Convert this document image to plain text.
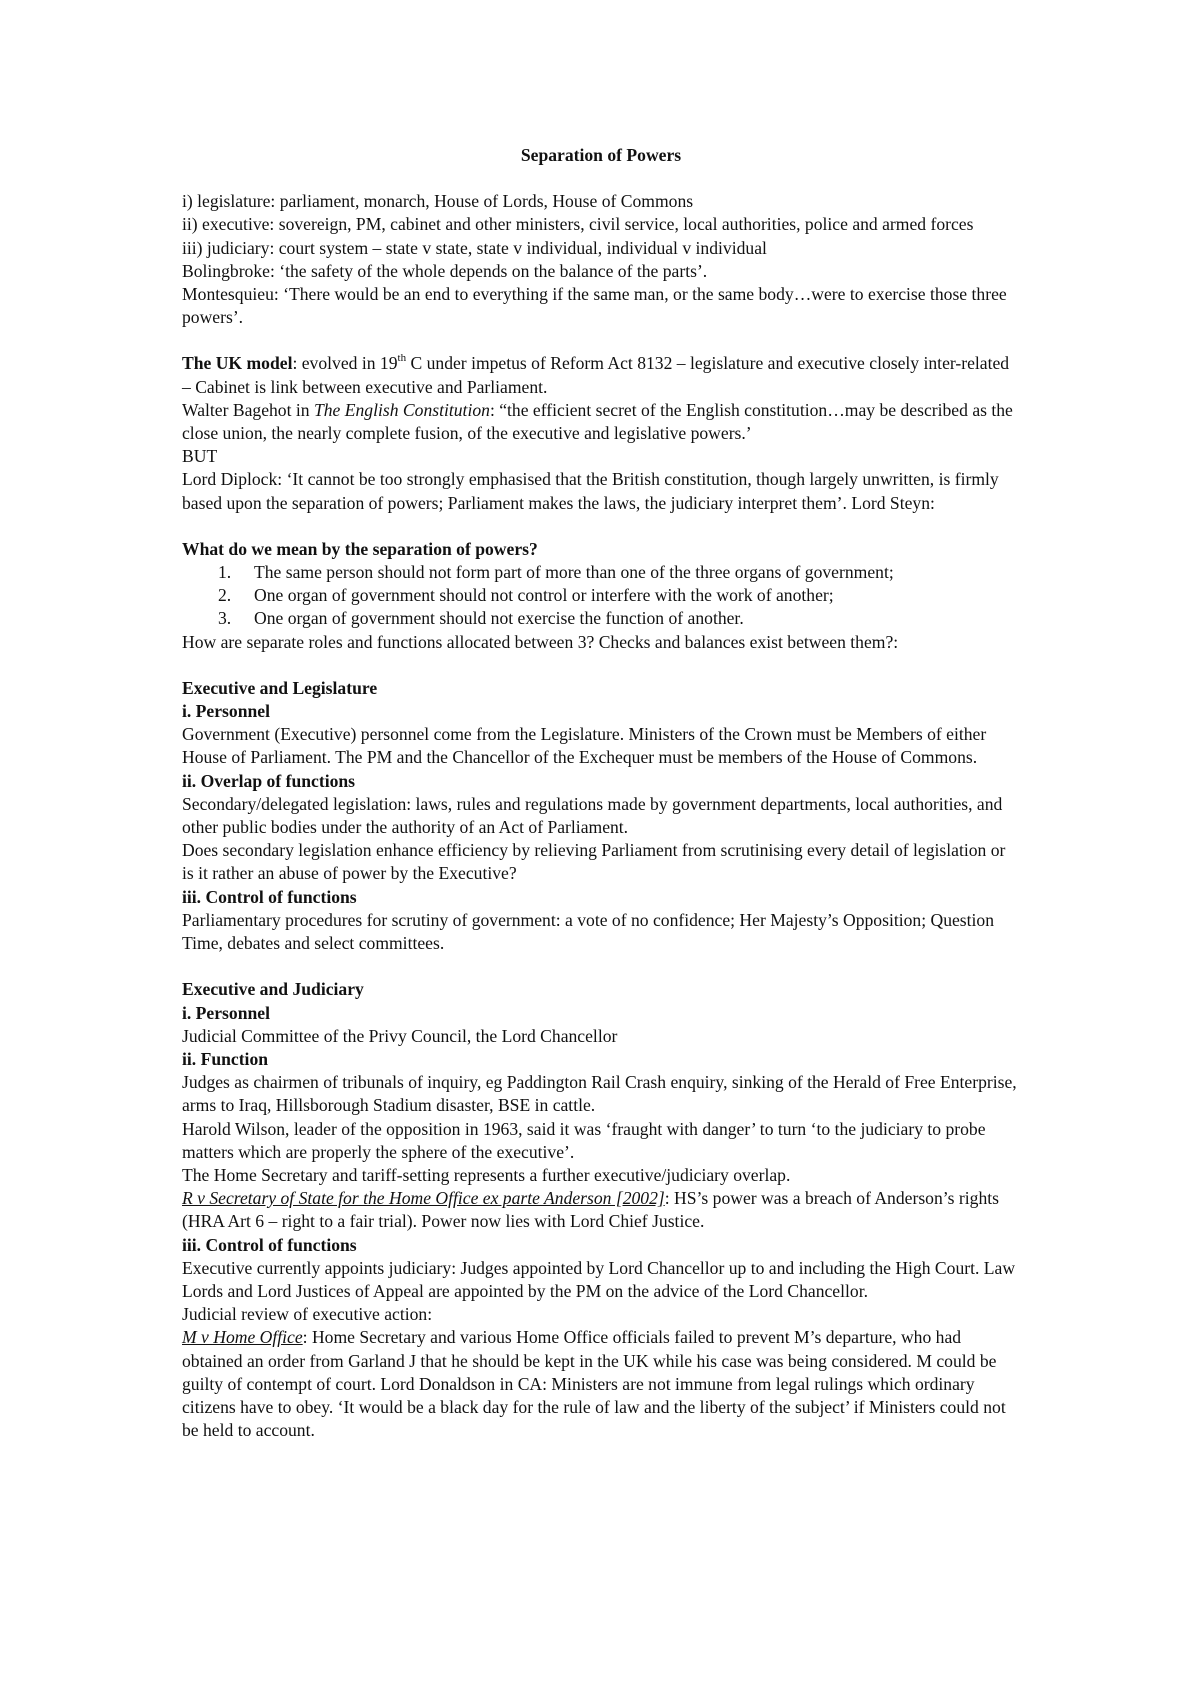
Separation of Powers

i) legislature: parliament, monarch, House of Lords, House of Commons

ii) executive: sovereign, PM, cabinet and other ministers, civil service, local authorities, police and armed forces

iii) judiciary: court system – state v state, state v individual, individual v individual

Bolingbroke: ‘the safety of the whole depends on the balance of the parts’.

Montesquieu: ‘There would be an end to everything if the same man, or the same body…were to exercise those three powers’.

The UK model: evolved in 19th C under impetus of Reform Act 8132 – legislature and executive closely inter-related – Cabinet is link between executive and Parliament.

Walter Bagehot in The English Constitution: “the efficient secret of the English constitution…may be described as the close union, the nearly complete fusion, of the executive and legislative powers.’

BUT

Lord Diplock: ‘It cannot be too strongly emphasised that the British constitution, though largely unwritten, is firmly based upon the separation of powers; Parliament makes the laws, the judiciary interpret them’. Lord Steyn:

What do we mean by the separation of powers?

1.	The same person should not form part of more than one of the three organs of government;
2.	One organ of government should not control or interfere with the work of another;
3.	One organ of government should not exercise the function of another.

How are separate roles and functions allocated between 3? Checks and balances exist between them?:

Executive and Legislature

i. Personnel

Government (Executive) personnel come from the Legislature. Ministers of the Crown must be Members of either House of Parliament. The PM and the Chancellor of the Exchequer must be members of the House of Commons.

ii. Overlap of functions

Secondary/delegated legislation: laws, rules and regulations made by government departments, local authorities, and other public bodies under the authority of an Act of Parliament.

Does secondary legislation enhance efficiency by relieving Parliament from scrutinising every detail of legislation or is it rather an abuse of power by the Executive?

iii. Control of functions

Parliamentary procedures for scrutiny of government: a vote of no confidence; Her Majesty’s Opposition; Question Time, debates and select committees.

Executive and Judiciary

i. Personnel

Judicial Committee of the Privy Council, the Lord Chancellor

ii. Function

Judges as chairmen of tribunals of inquiry, eg Paddington Rail Crash enquiry, sinking of the Herald of Free Enterprise, arms to Iraq, Hillsborough Stadium disaster, BSE in cattle.

Harold Wilson, leader of the opposition in 1963, said it was ‘fraught with danger’ to turn ‘to the judiciary to probe matters which are properly the sphere of the executive’.

The Home Secretary and tariff-setting represents a further executive/judiciary overlap.

R v Secretary of State for the Home Office ex parte Anderson [2002]: HS’s power was a breach of Anderson’s rights (HRA Art 6 – right to a fair trial). Power now lies with Lord Chief Justice.

iii. Control of functions

Executive currently appoints judiciary: Judges appointed by Lord Chancellor up to and including the High Court. Law Lords and Lord Justices of Appeal are appointed by the PM on the advice of the Lord Chancellor.

Judicial review of executive action:

M v Home Office: Home Secretary and various Home Office officials failed to prevent M’s departure, who had obtained an order from Garland J that he should be kept in the UK while his case was being considered. M could be guilty of contempt of court. Lord Donaldson in CA: Ministers are not immune from legal rulings which ordinary citizens have to obey. ‘It would be a black day for the rule of law and the liberty of the subject’ if Ministers could not be held to account.
